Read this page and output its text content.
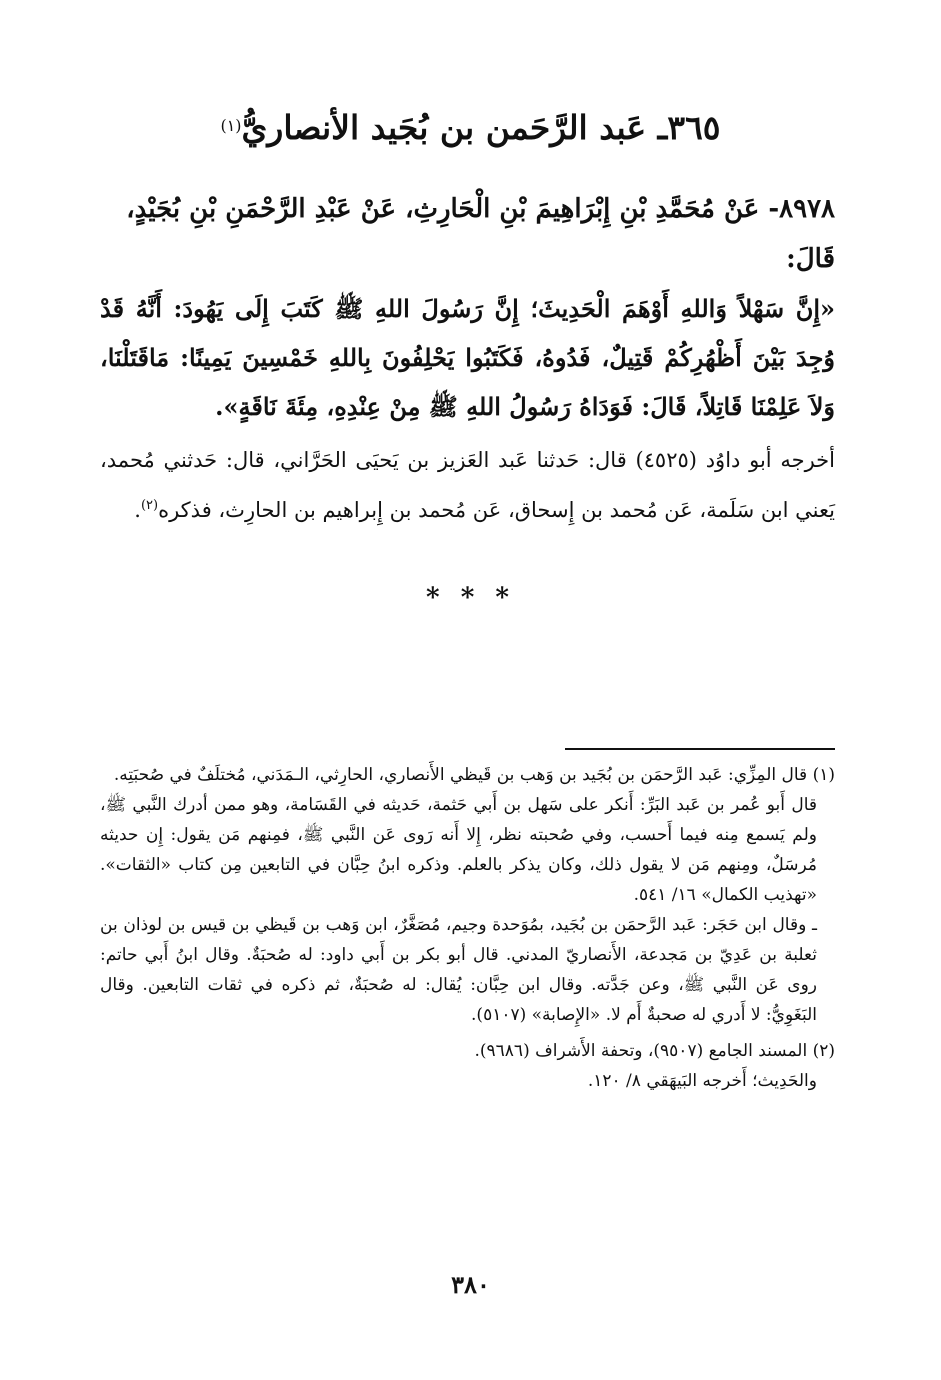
٣٦٥ـ عَبد الرَّحَمن بن بُجَيد الأنصاريُّ$^{(١)}$
٨٩٧٨- عَنْ مُحَمَّدِ بْنِ إِبْرَاهِيمَ بْنِ الْحَارِثِ، عَنْ عَبْدِ الرَّحْمَنِ بْنِ بُجَيْدٍ، قَالَ:
«إِنَّ سَهْلاً وَاللهِ أَوْهَمَ الْحَدِيثَ؛ إِنَّ رَسُولَ اللهِ ﷺ كَتَبَ إِلَى يَهُودَ: أَنَّهُ قَدْ وُجِدَ بَيْنَ أَظْهُرِكُمْ قَتِيلٌ، فَدُوهُ، فَكَتَبُوا يَحْلِفُونَ بِاللهِ خَمْسِينَ يَمِينًا: مَاقَتَلْنَا، وَلاَ عَلِمْنَا قَاتِلاً، قَالَ: فَوَدَاهُ رَسُولُ اللهِ ﷺ مِنْ عِنْدِهِ، مِئَةَ نَاقَةٍ».
أخرجه أبو داوُد (٤٥٢٥) قال: حَدثنا عَبد العَزيز بن يَحيَى الحَرَّاني، قال: حَدثني مُحمد، يَعني ابن سَلَمة، عَن مُحمد بن إِسحاق، عَن مُحمد بن إِبراهيم بن الحارِث، فذكره$^{(٢)}$.
* * *

(١) قال المِزِّي: عَبد الرَّحمَن بن بُجَيد بن وَهب بن قَيظي الأَنصاري، الحارِثي، الـمَدَني، مُختلَفٌ في صُحبَتِه.

قال أَبو عُمر بن عَبد البَرِّ: أَنكر على سَهل بن أَبي حَثمة، حَديثه في القَسَامة، وهو ممن أدرك النَّبي ﷺ، ولم يَسمع مِنه فيما أَحسب، وفي صُحبته نظر، إِلا أَنه رَوى عَن النَّبي ﷺ، فمِنهم مَن يقول: إِن حديثه مُرسَلٌ، ومِنهم مَن لا يقول ذلك، وكان يذكر بالعلم. وذكره ابنُ حِبَّان في التابعين مِن كتاب «الثقات». «تهذيب الكمال» ١٦/ ٥٤١.

ـ وقال ابن حَجَر: عَبد الرَّحمَن بن بُجَيد، بمُوَحدة وجيم، مُصَغَّرٌ، ابن وَهب بن قَيظي بن قيس بن لوذان بن ثعلبة بن عَدِيّ بن مَجدعة، الأَنصاريّ المدني. قال أبو بكر بن أَبي داود: له صُحبَةٌ. وقال ابنُ أَبي حاتم: روى عَن النَّبي ﷺ، وعن جَدَّته. وقال ابن حِبَّان: يُقال: له صُحبَةٌ، ثم ذكره في ثقات التابعين. وقال البَغَوِيُّ: لا أَدري له صحبةٌ أَم لا. «الإِصابة» (٥١٠٧).

(٢) المسند الجامع (٩٥٠٧)، وتحفة الأَشراف (٩٦٨٦).

والحَدِيث؛ أَخرجه البَيهَقي ٨/ ١٢٠.

٣٨٠
